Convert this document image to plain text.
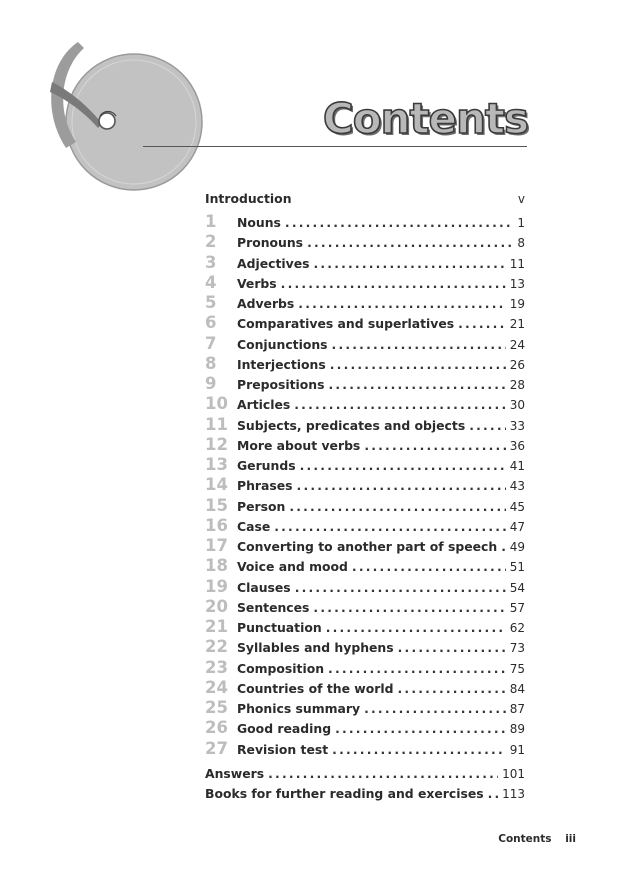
Contents
Introduction	v
1	Nouns .....	1
2	Pronouns .....	8
3	Adjectives .....	11
4	Verbs .....	13
5	Adverbs .....	19
6	Comparatives and superlatives .....	21
7	Conjunctions .....	24
8	Interjections .....	26
9	Prepositions .....	28
10 Articles .....	30
11 Subjects, predicates and objects .....	33
12 More about verbs .....	36
13 Gerunds .....	41
14 Phrases .....	43
15 Person .....	45
16 Case .....	47
17 Converting to another part of speech ..... 49
18 Voice and mood .....	51
19 Clauses .....	54
20 Sentences .....	57
21 Punctuation .....	62
22 Syllables and hyphens .....	73
23 Composition .....	75
24 Countries of the world .....	84
25 Phonics summary .....	87
26 Good reading .....	89
27 Revision test .....	91
Answers .....	101
Books for further reading and exercises ..... 113
Contents iii
